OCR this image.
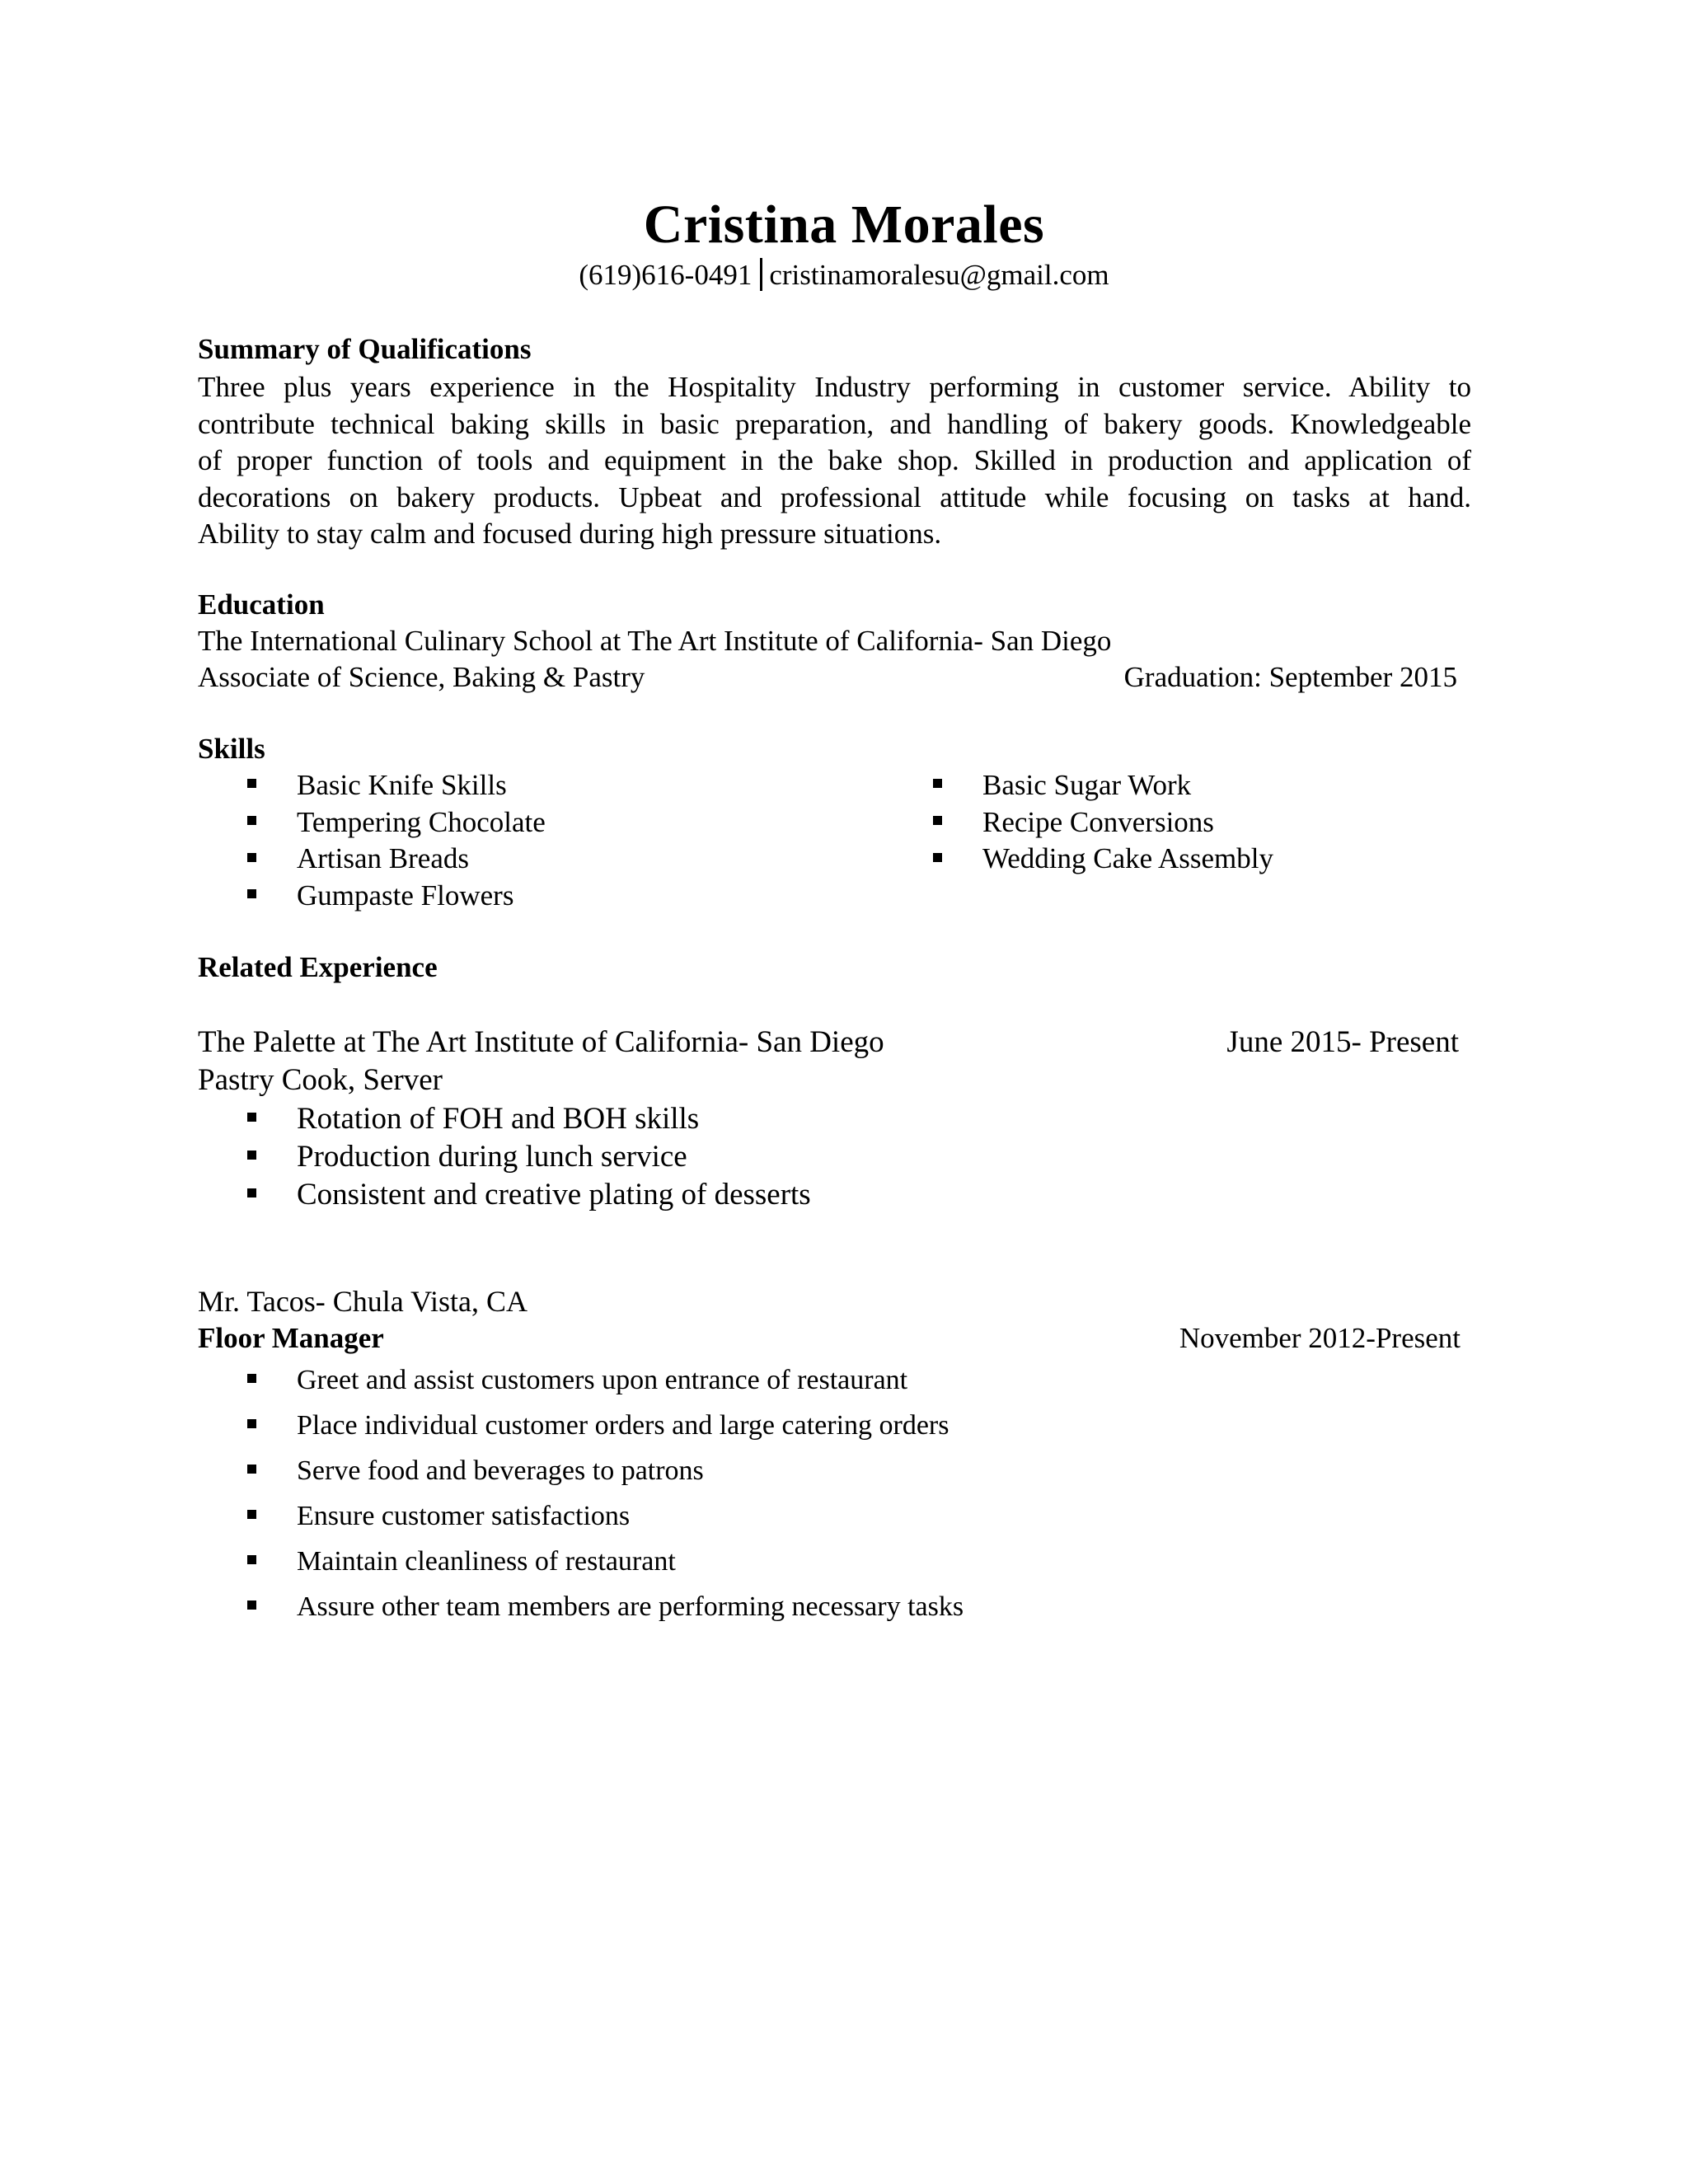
Cristina Morales
(619)616-0491 cristinamoralesu@gmail.com
Summary of Qualifications
Three plus years experience in the Hospitality Industry performing in customer service. Ability to
contribute technical baking skills in basic preparation, and handling of bakery goods. Knowledgeable
of proper function of tools and equipment in the bake shop. Skilled in production and application of
decorations on bakery products. Upbeat and professional attitude while focusing on tasks at hand.
Ability to stay calm and focused during high pressure situations.
Education
The International Culinary School at The Art Institute of California- San Diego
Associate of Science, Baking & Pastry	Graduation: September 2015
Skills
Basic Knife Skills
Tempering Chocolate
Artisan Breads
Gumpaste Flowers
Basic Sugar Work
Recipe Conversions
Wedding Cake Assembly
Related Experience
The Palette at The Art Institute of California- San Diego	June 2015- Present
Pastry Cook, Server
Rotation of FOH and BOH skills
Production during lunch service
Consistent and creative plating of desserts
Mr. Tacos- Chula Vista, CA
Floor Manager	November 2012-Present
Greet and assist customers upon entrance of restaurant
Place individual customer orders and large catering orders
Serve food and beverages to patrons
Ensure customer satisfactions
Maintain cleanliness of restaurant
Assure other team members are performing necessary tasks
